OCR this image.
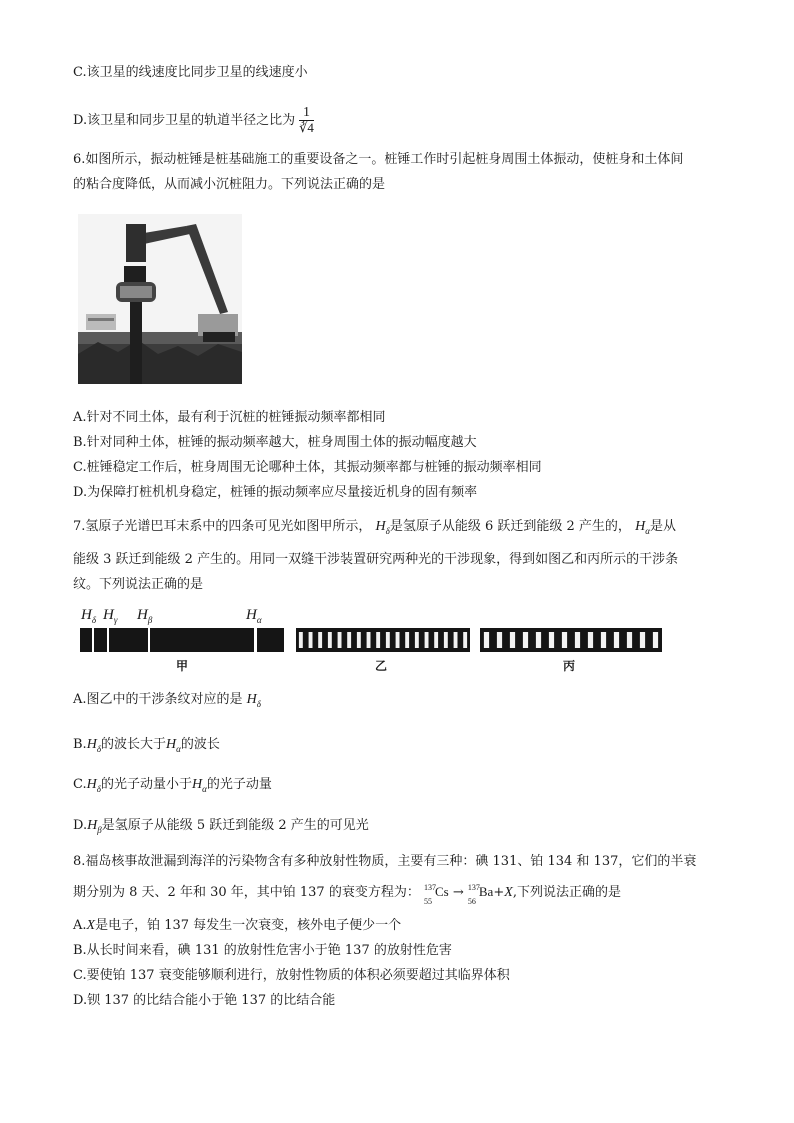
C.该卫星的线速度比同步卫星的线速度小
D.该卫星和同步卫星的轨道半径之比为 $\frac{1}{∛4}$
6.如图所示，振动桩锤是桩基础施工的重要设备之一。桩锤工作时引起桩身周围土体振动，使桩身和土体间
的粘合度降低，从而减小沉桩阻力。下列说法正确的是
A.针对不同土体，最有利于沉桩的桩锤振动频率都相同
B.针对同种土体，桩锤的振动频率越大，桩身周围土体的振动幅度越大
C.桩锤稳定工作后，桩身周围无论哪种土体，其振动频率都与桩锤的振动频率相同
D.为保障打桩机机身稳定，桩锤的振动频率应尽量接近机身的固有频率
7.氢原子光谱巴耳末系中的四条可见光如图甲所示， $H_\delta$是氢原子从能级 6 跃迁到能级 2 产生的， $H_\alpha$是从
能级 3 跃迁到能级 2 产生的。用同一双缝干涉装置研究两种光的干涉现象，得到如图乙和丙所示的干涉条
纹。下列说法正确的是
$H_\delta$ $H_\gamma$ $H_\beta$	$H_\alpha$
甲	乙	丙
A.图乙中的干涉条纹对应的是 $H_\delta$
$B.H_\delta$的波长大于$H_\alpha$的波长
$C.H_\delta$的光子动量小于$H_\alpha$的光子动量
$D.H_\beta$是氢原子从能级 5 跃迁到能级 2 产生的可见光
8.福岛核事故泄漏到海洋的污染物含有多种放射性物质，主要有三种：碘 131、铂 134 和 137，它们的半衰
期分别为 8 天、2 年和 30 年，其中铂 137 的衰变方程为： 137
55
Cs → 137
56
Ba+X,下列说法正确的是
A.X是电子，铂 137 每发生一次衰变，核外电子便少一个
B.从长时间来看，碘 131 的放射性危害小于铯 137 的放射性危害
C.要使铂 137 衰变能够顺利进行，放射性物质的体积必须要超过其临界体积
D.钡 137 的比结合能小于铯 137 的比结合能
